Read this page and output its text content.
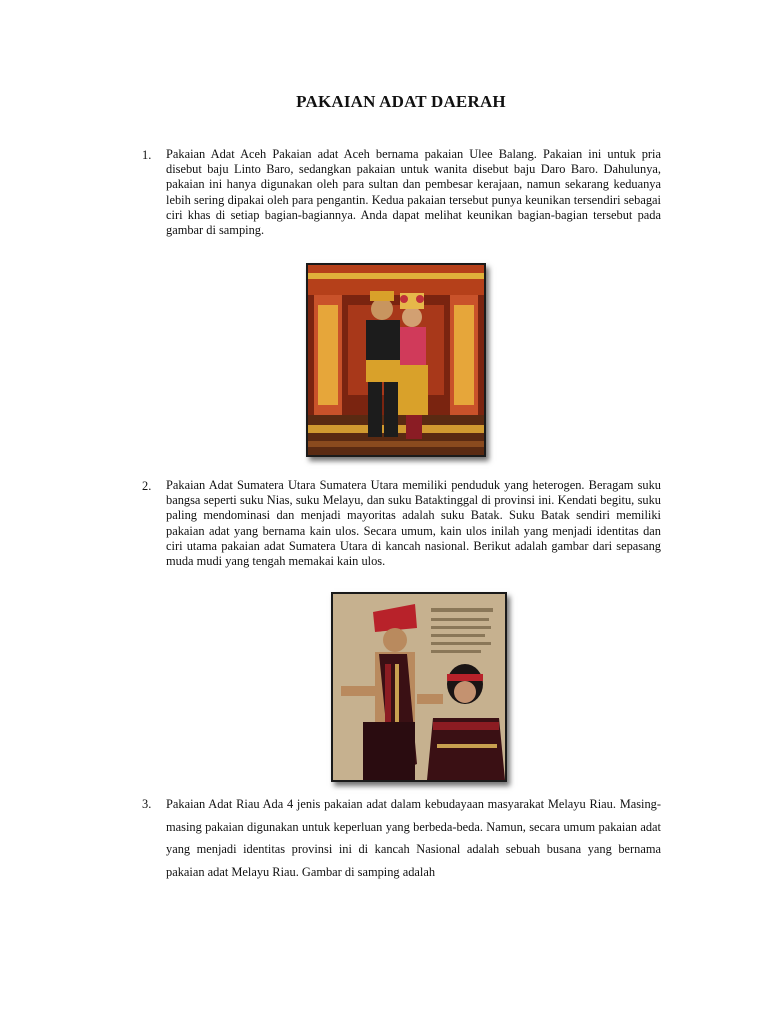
PAKAIAN ADAT DAERAH
1. Pakaian Adat Aceh Pakaian adat Aceh bernama pakaian Ulee Balang. Pakaian ini untuk pria disebut baju Linto Baro, sedangkan pakaian untuk wanita disebut baju Daro Baro. Dahulunya, pakaian ini hanya digunakan oleh para sultan dan pembesar kerajaan, namun sekarang keduanya lebih sering dipakai oleh para pengantin. Kedua pakaian tersebut punya keunikan tersendiri sebagai ciri khas di setiap bagian-bagiannya. Anda dapat melihat keunikan bagian-bagian tersebut pada gambar di samping.

2. Pakaian Adat Sumatera Utara Sumatera Utara memiliki penduduk yang heterogen. Beragam suku bangsa seperti suku Nias, suku Melayu, dan suku Bataktinggal di provinsi ini. Kendati begitu, suku paling mendominasi dan menjadi mayoritas adalah suku Batak. Suku Batak sendiri memiliki pakaian adat yang bernama kain ulos. Secara umum, kain ulos inilah yang menjadi identitas dan ciri utama pakaian adat Sumatera Utara di kancah nasional. Berikut adalah gambar dari sepasang muda mudi yang tengah memakai kain ulos.

3. Pakaian Adat Riau Ada 4 jenis pakaian adat dalam kebudayaan masyarakat Melayu Riau. Masing-masing pakaian digunakan untuk keperluan yang berbeda-beda. Namun, secara umum pakaian adat yang menjadi identitas provinsi ini di kancah Nasional adalah sebuah busana yang bernama pakaian adat Melayu Riau. Gambar di samping adalah
